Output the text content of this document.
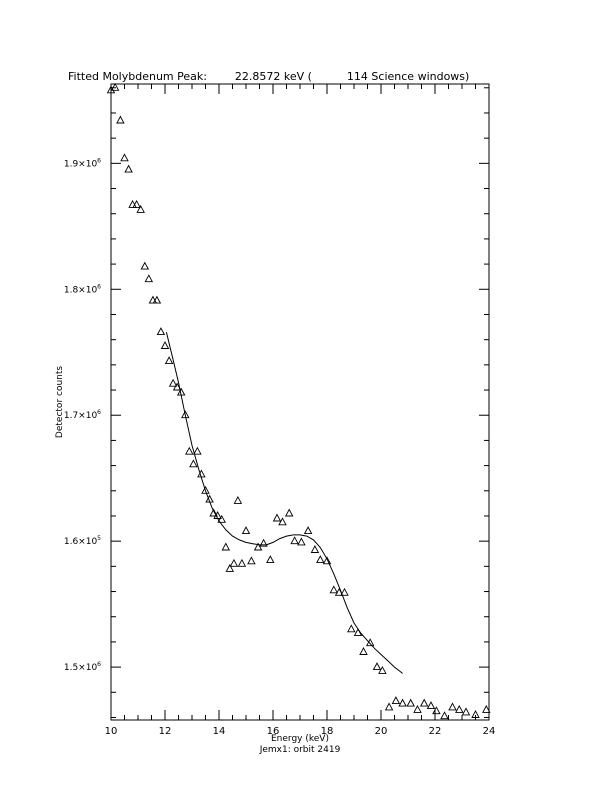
Fitted Molybdenum Peak:        22.8572 keV (          114 Science windows)
10	12	14	16	18	20	22	24
$1.5\times 10^6$
$1.6\times 10^5$
$1.7\times 10^6$
$1.8\times 10^6$
$1.9\times 10^6$
Energy (keV)
Jemx1: orbit 2419
Detector counts
